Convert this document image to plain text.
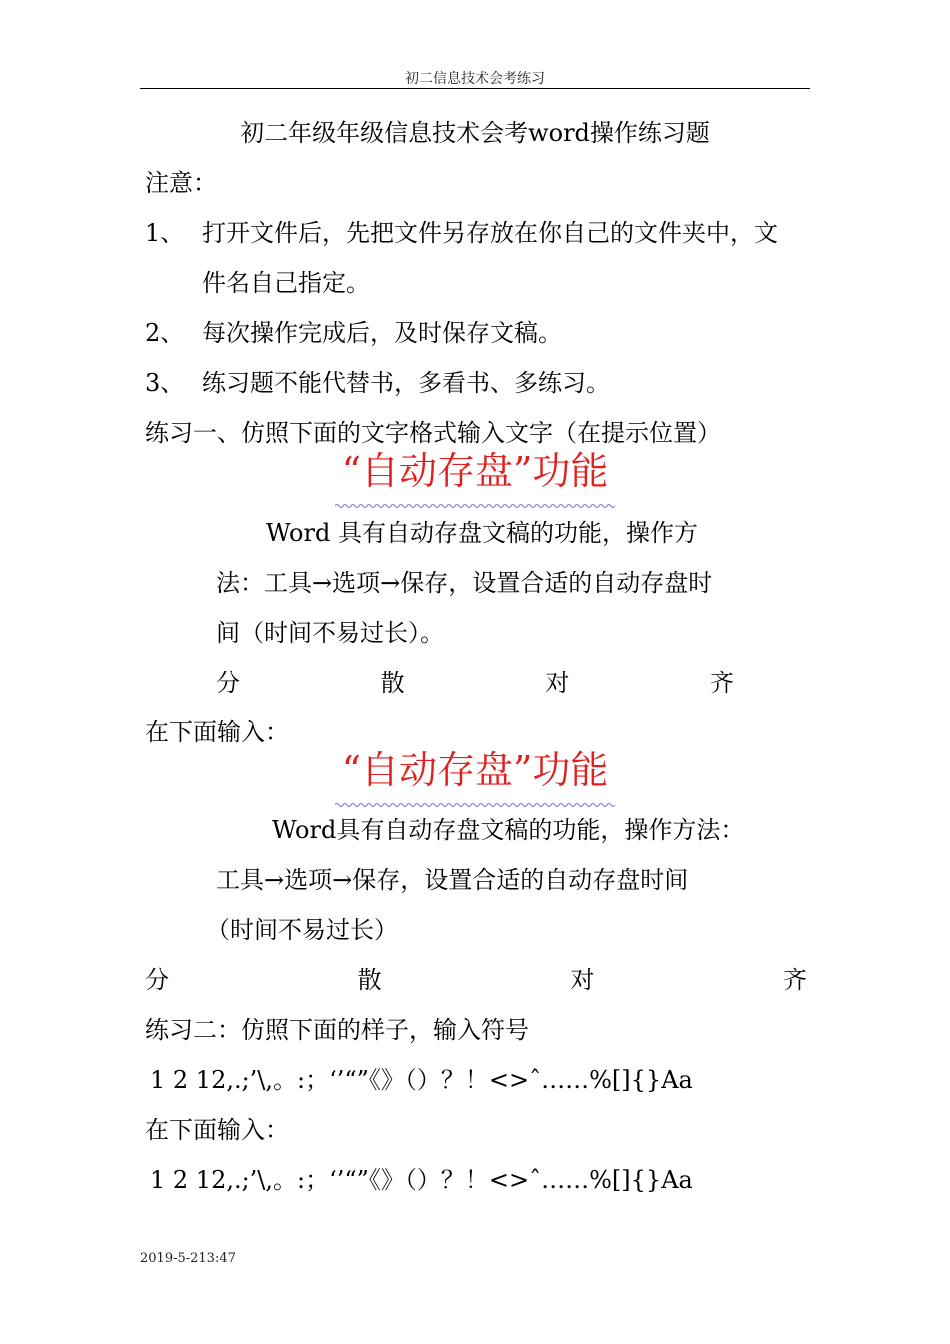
初二信息技术会考练习
初二年级年级信息技术会考word操作练习题
注意：
1、 打开文件后，先把文件另存放在你自己的文件夹中，文
件名自己指定。
2、 每次操作完成后，及时保存文稿。
3、 练习题不能代替书，多看书、多练习。
练习一、仿照下面的文字格式输入文字（在提示位置）
“自动存盘”功能
Word 具有自动存盘文稿的功能，操作方
法：工具→选项→保存，设置合适的自动存盘时
间（时间不易过长）。
分	散	对	齐
在下面输入：
“自动存盘”功能
Word具有自动存盘文稿的功能，操作方法：
工具→选项→保存，设置合适的自动存盘时间
（时间不易过长）
分	散	对	齐
练习二：仿照下面的样子，输入符号
1 2 12,.;’\,。:；‘’“”《》（）？！<>ˆ……%[]{}Aa
在下面输入：
1 2 12,.;’\,。:；‘’“”《》（）？！<>ˆ……%[]{}Aa
2019-5-213:47
